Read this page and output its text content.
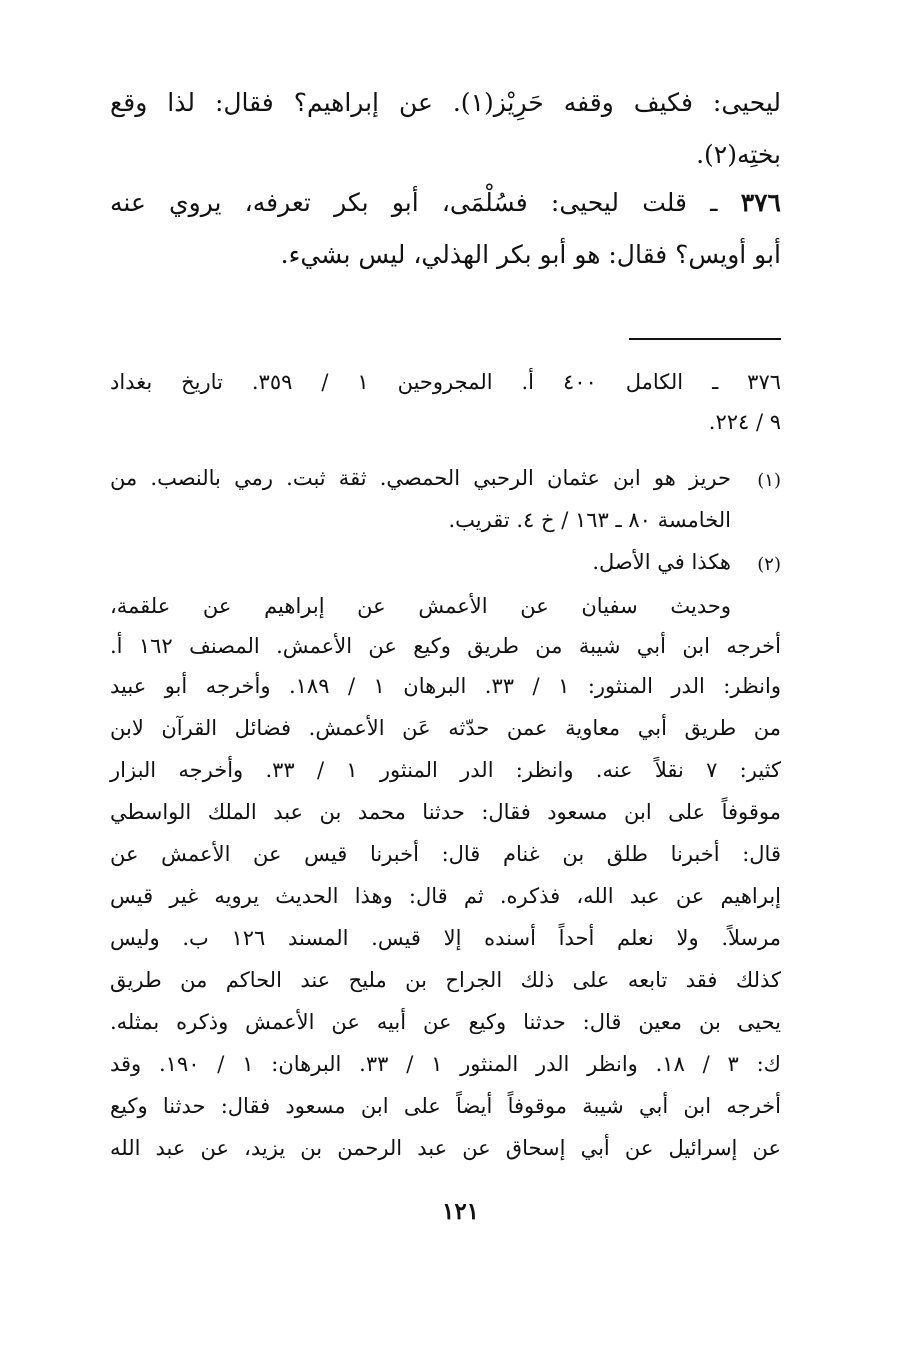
ليحيى: فكيف وقفه حَرِيْز(١). عن إبراهيم؟ فقال: لذا وقع

بختِه(٢).

٣٧٦ ـ قلت ليحيى: فسُلْمَى، أبو بكر تعرفه، يروي عنه

أبو أويس؟ فقال: هو أبو بكر الهذلي، ليس بشيء.

٣٧٦ ـ الكامل ٤٠٠ أ. المجروحين ١ / ٣٥٩. تاريخ بغداد

٩ / ٢٢٤.

(١)

حريز هو ابن عثمان الرحبي الحمصي. ثقة ثبت. رمي بالنصب. من

الخامسة ٨٠ ـ ١٦٣ / خ ٤. تقريب.

(٢)

هكذا في الأصل.

وحديث سفيان عن الأعمش عن إبراهيم عن علقمة،

أخرجه ابن أبي شيبة من طريق وكيع عن الأعمش. المصنف ١٦٢ أ.

وانظر: الدر المنثور: ١ / ٣٣. البرهان ١ / ١٨٩. وأخرجه أبو عبيد

من طريق أبي معاوية عمن حدّثه عَن الأعمش. فضائل القرآن لابن

كثير: ٧ نقلاً عنه. وانظر: الدر المنثور ١ / ٣٣. وأخرجه البزار

موقوفاً على ابن مسعود فقال: حدثنا محمد بن عبد الملك الواسطي

قال: أخبرنا طلق بن غنام قال: أخبرنا قيس عن الأعمش عن

إبراهيم عن عبد الله، فذكره. ثم قال: وهذا الحديث يرويه غير قيس

مرسلاً. ولا نعلم أحداً أسنده إلا قيس. المسند ١٢٦ ب. وليس

كذلك فقد تابعه على ذلك الجراح بن مليح عند الحاكم من طريق

يحيى بن معين قال: حدثنا وكيع عن أبيه عن الأعمش وذكره بمثله.

ك: ٣ / ١٨. وانظر الدر المنثور ١ / ٣٣. البرهان: ١ / ١٩٠. وقد

أخرجه ابن أبي شيبة موقوفاً أيضاً على ابن مسعود فقال: حدثنا وكيع

عن إسرائيل عن أبي إسحاق عن عبد الرحمن بن يزيد، عن عبد الله

١٢١
